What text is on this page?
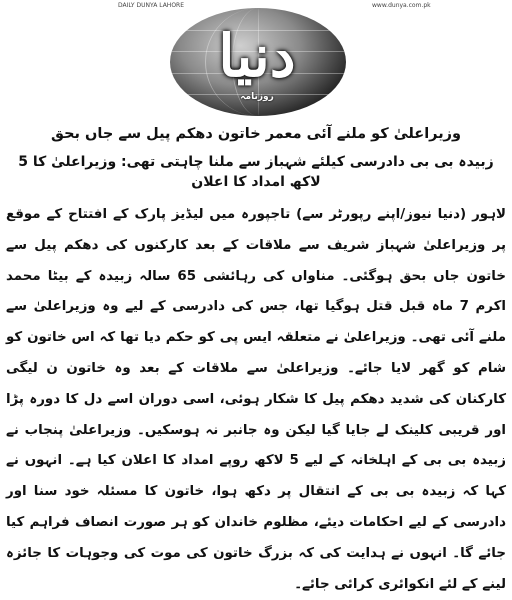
DAILY DUNYA LAHORE	www.dunya.com.pk
دنیا
روزنامہ
وزیراعلیٰ کو ملنے آئی معمر خاتون دھکم پیل سے جاں بحق
زبیدہ بی بی دادرسی کیلئے شہباز سے ملنا چاہتی تھی: وزیراعلیٰ کا 5 لاکھ امداد کا اعلان

لاہور (دنیا نیوز/اپنے رپورٹر سے) تاجپورہ میں لیڈیز پارک کے افتتاح کے موقع پر وزیراعلیٰ شہباز شریف سے ملاقات کے بعد کارکنوں کی دھکم پیل سے خاتون جاں بحق ہوگئی۔ مناواں کی رہائشی 65 سالہ زبیدہ کے بیٹا محمد اکرم 7 ماہ قبل قتل ہوگیا تھا، جس کی دادرسی کے لیے وہ وزیراعلیٰ سے ملنے آئی تھی۔ وزیراعلیٰ نے متعلقہ ایس پی کو حکم دیا تھا کہ اس خاتون کو شام کو گھر لایا جائے۔ وزیراعلیٰ سے ملاقات کے بعد وہ خاتون ن لیگی کارکنان کی شدید دھکم پیل کا شکار ہوئی، اسی دوران اسے دل کا دورہ پڑا اور قریبی کلینک لے جایا گیا لیکن وہ جانبر نہ ہوسکیں۔ وزیراعلیٰ پنجاب نے زبیدہ بی بی کے اہلخانہ کے لیے 5 لاکھ روپے امداد کا اعلان کیا ہے۔ انہوں نے کہا کہ زبیدہ بی بی کے انتقال پر دکھ ہوا، خاتون کا مسئلہ خود سنا اور دادرسی کے لیے احکامات دیئے، مظلوم خاندان کو ہر صورت انصاف فراہم کیا جائے گا۔ انہوں نے ہدایت کی کہ بزرگ خاتون کی موت کی وجوہات کا جائزہ لینے کے لئے انکوائری کرائی جائے۔
